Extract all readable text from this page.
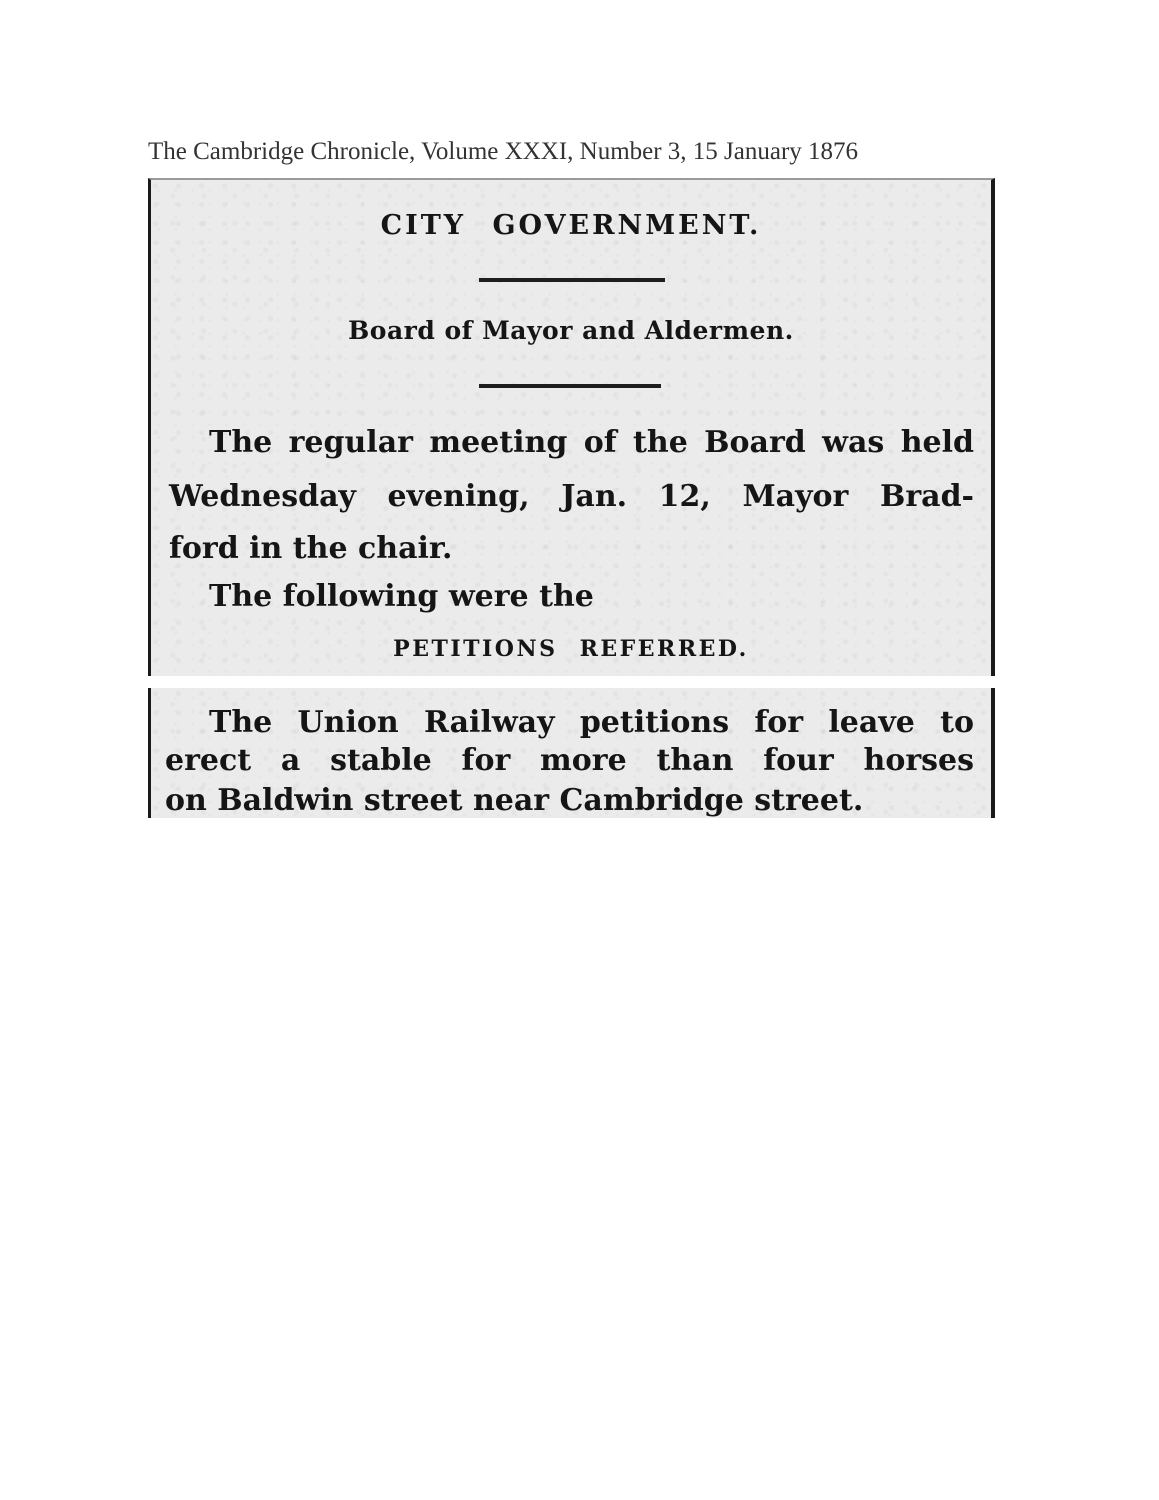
The Cambridge Chronicle, Volume XXXI, Number 3, 15 January 1876
CITY GOVERNMENT.
Board of Mayor and Aldermen.
The regular meeting of the Board was held
Wednesday evening, Jan. 12, Mayor Brad-
ford in the chair.
The following were the
PETITIONS REFERRED.
The Union Railway petitions for leave to
erect a stable for more than four horses
on Baldwin street near Cambridge street.
